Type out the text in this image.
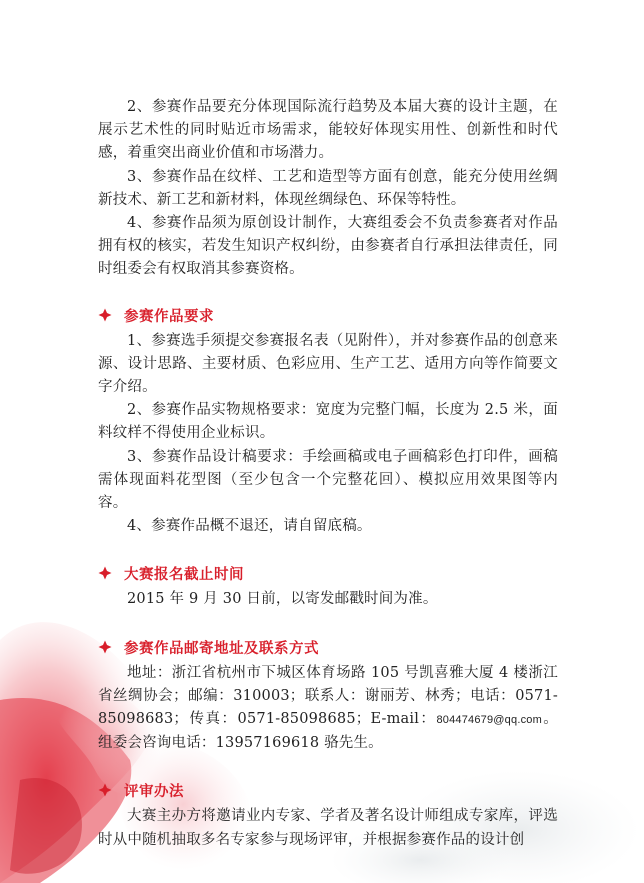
2、参赛作品要充分体现国际流行趋势及本届大赛的设计主题，在展示艺术性的同时贴近市场需求，能较好体现实用性、创新性和时代感，着重突出商业价值和市场潜力。

3、参赛作品在纹样、工艺和造型等方面有创意，能充分使用丝绸新技术、新工艺和新材料，体现丝绸绿色、环保等特性。

4、参赛作品须为原创设计制作，大赛组委会不负责参赛者对作品拥有权的核实，若发生知识产权纠纷，由参赛者自行承担法律责任，同时组委会有权取消其参赛资格。

参赛作品要求

1、参赛选手须提交参赛报名表（见附件），并对参赛作品的创意来源、设计思路、主要材质、色彩应用、生产工艺、适用方向等作简要文字介绍。

2、参赛作品实物规格要求：宽度为完整门幅，长度为 2.5 米，面料纹样不得使用企业标识。

3、参赛作品设计稿要求：手绘画稿或电子画稿彩色打印件，画稿需体现面料花型图（至少包含一个完整花回）、模拟应用效果图等内容。

4、参赛作品概不退还，请自留底稿。

大赛报名截止时间

2015 年 9 月 30 日前，以寄发邮戳时间为准。

参赛作品邮寄地址及联系方式

地址：浙江省杭州市下城区体育场路 105 号凯喜雅大厦 4 楼浙江省丝绸协会；邮编：310003；联系人：谢丽芳、林秀；电话：0571-85098683；传真：0571-85098685；E-mail：804474679@qq.com。组委会咨询电话：13957169618 骆先生。

评审办法

大赛主办方将邀请业内专家、学者及著名设计师组成专家库，评选时从中随机抽取多名专家参与现场评审，并根据参赛作品的设计创
